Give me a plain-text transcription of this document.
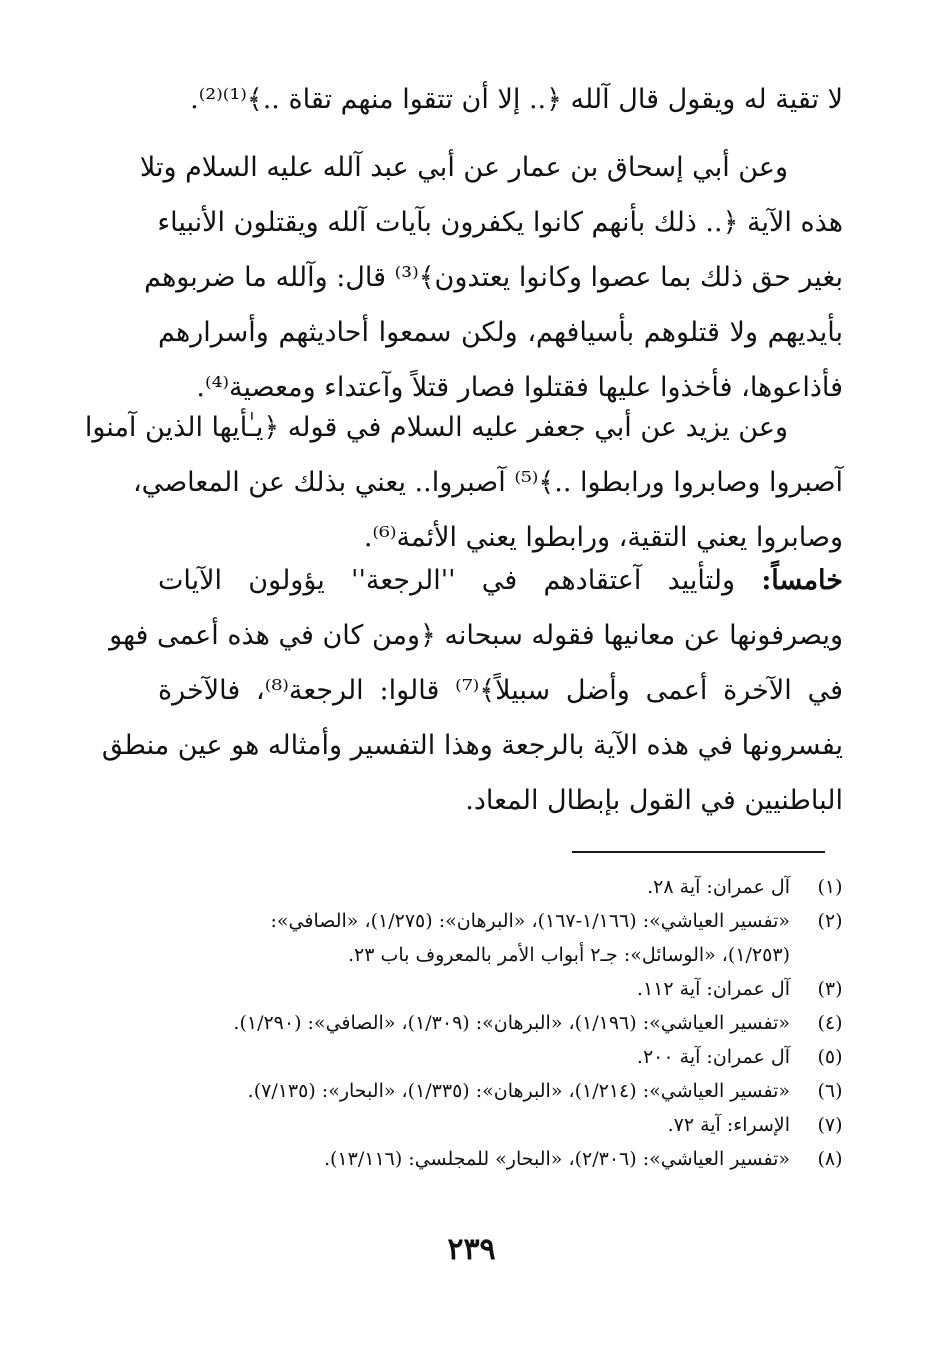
لا تقية له ويقول قال آلله ﴿.. إلا أن تتقوا منهم تقاة ..﴾⁽¹⁾⁽²⁾.
وعن أبي إسحاق بن عمار عن أبي عبد آلله عليه السلام وتلا
هذه الآية ﴿.. ذلك بأنهم كانوا يكفرون بآيات آلله ويقتلون الأنبياء
بغير حق ذلك بما عصوا وكانوا يعتدون﴾⁽³⁾ قال: وآلله ما ضربوهم
بأيديهم ولا قتلوهم بأسيافهم، ولكن سمعوا أحاديثهم وأسرارهم
فأذاعوها، فأخذوا عليها فقتلوا فصار قتلاً وآعتداء ومعصية⁽⁴⁾.
وعن يزيد عن أبي جعفر عليه السلام في قوله ﴿يـٰأيها الذين آمنوا
آصبروا وصابروا ورابطوا ..﴾⁽⁵⁾ آصبروا.. يعني بذلك عن المعاصي،
وصابروا يعني التقية، ورابطوا يعني الأئمة⁽⁶⁾.
خامساً: ولتأييد آعتقادهم في ''الرجعة'' يؤولون الآيات
ويصرفونها عن معانيها فقوله سبحانه ﴿ومن كان في هذه أعمى فهو
في الآخرة أعمى وأضل سبيلاً﴾⁽⁷⁾ قالوا: الرجعة⁽⁸⁾، فالآخرة
يفسرونها في هذه الآية بالرجعة وهذا التفسير وأمثاله هو عين منطق
الباطنيين في القول بإبطال المعاد.
(١)
آل عمران: آية ٢٨.
(٢)
«تفسير العياشي»: (١/١٦٦-١٦٧)، «البرهان»: (١/٢٧٥)، «الصافي»:
(١/٢٥٣)، «الوسائل»: جـ٢ أبواب الأمر بالمعروف باب ٢٣.
(٣)
آل عمران: آية ١١٢.
(٤)
«تفسير العياشي»: (١/١٩٦)، «البرهان»: (١/٣٠٩)، «الصافي»: (١/٢٩٠).
(٥)
آل عمران: آية ٢٠٠.
(٦)
«تفسير العياشي»: (١/٢١٤)، «البرهان»: (١/٣٣٥)، «البحار»: (٧/١٣٥).
(٧)
الإسراء: آية ٧٢.
(٨)
«تفسير العياشي»: (٢/٣٠٦)، «البحار» للمجلسي: (١٣/١١٦).
٢٣٩
